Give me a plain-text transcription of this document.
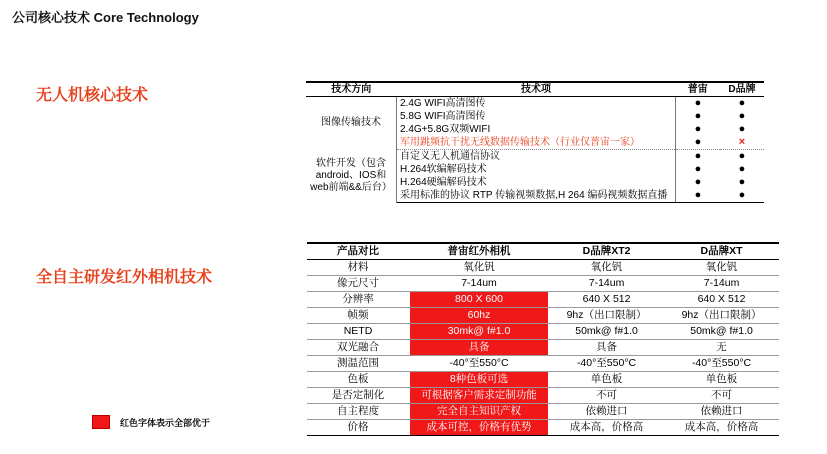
公司核心技术 Core Technology
无人机核心技术	技术方向	技术项	普宙	D品牌
图像传输技术	2.4G WIFI高清图传	●	●
	5.8G WIFI高清图传	●	●
	2.4G+5.8G双频WIFI	●	●
	军用跳频抗干扰无线数据传输技术（行业仅普宙一家）	●	×
软件开发（包含android、IOS和web前端&&后台）	自定义无人机通信协议	●	●
	H.264软编解码技术	●	●
	H.264硬编解码技术	●	●
	采用标准的协议 RTP 传输视频数据,H 264 编码视频数据直播	●	●
全自主研发红外相机技术
产品对比	普宙红外相机	D品牌XT2	D品牌XT
材料	氧化钒	氧化钒	氧化钒
像元尺寸	7-14um	7-14um	7-14um
分辨率	800 X 600	640 X 512	640 X 512
帧频	60hz	9hz（出口限制）	9hz（出口限制）
NETD	30mk@ f#1.0	50mk@ f#1.0	50mk@ f#1.0
双光融合	具备	具备	无
测温范围	-40°至550°C	-40°至550°C	-40°至550°C
色板	8种色板可选	单色板	单色板
是否定制化	可根据客户需求定制功能	不可	不可
自主程度	完全自主知识产权	依赖进口	依赖进口
价格	成本可控，价格有优势	成本高，价格高	成本高，价格高
红色字体表示全部优于
